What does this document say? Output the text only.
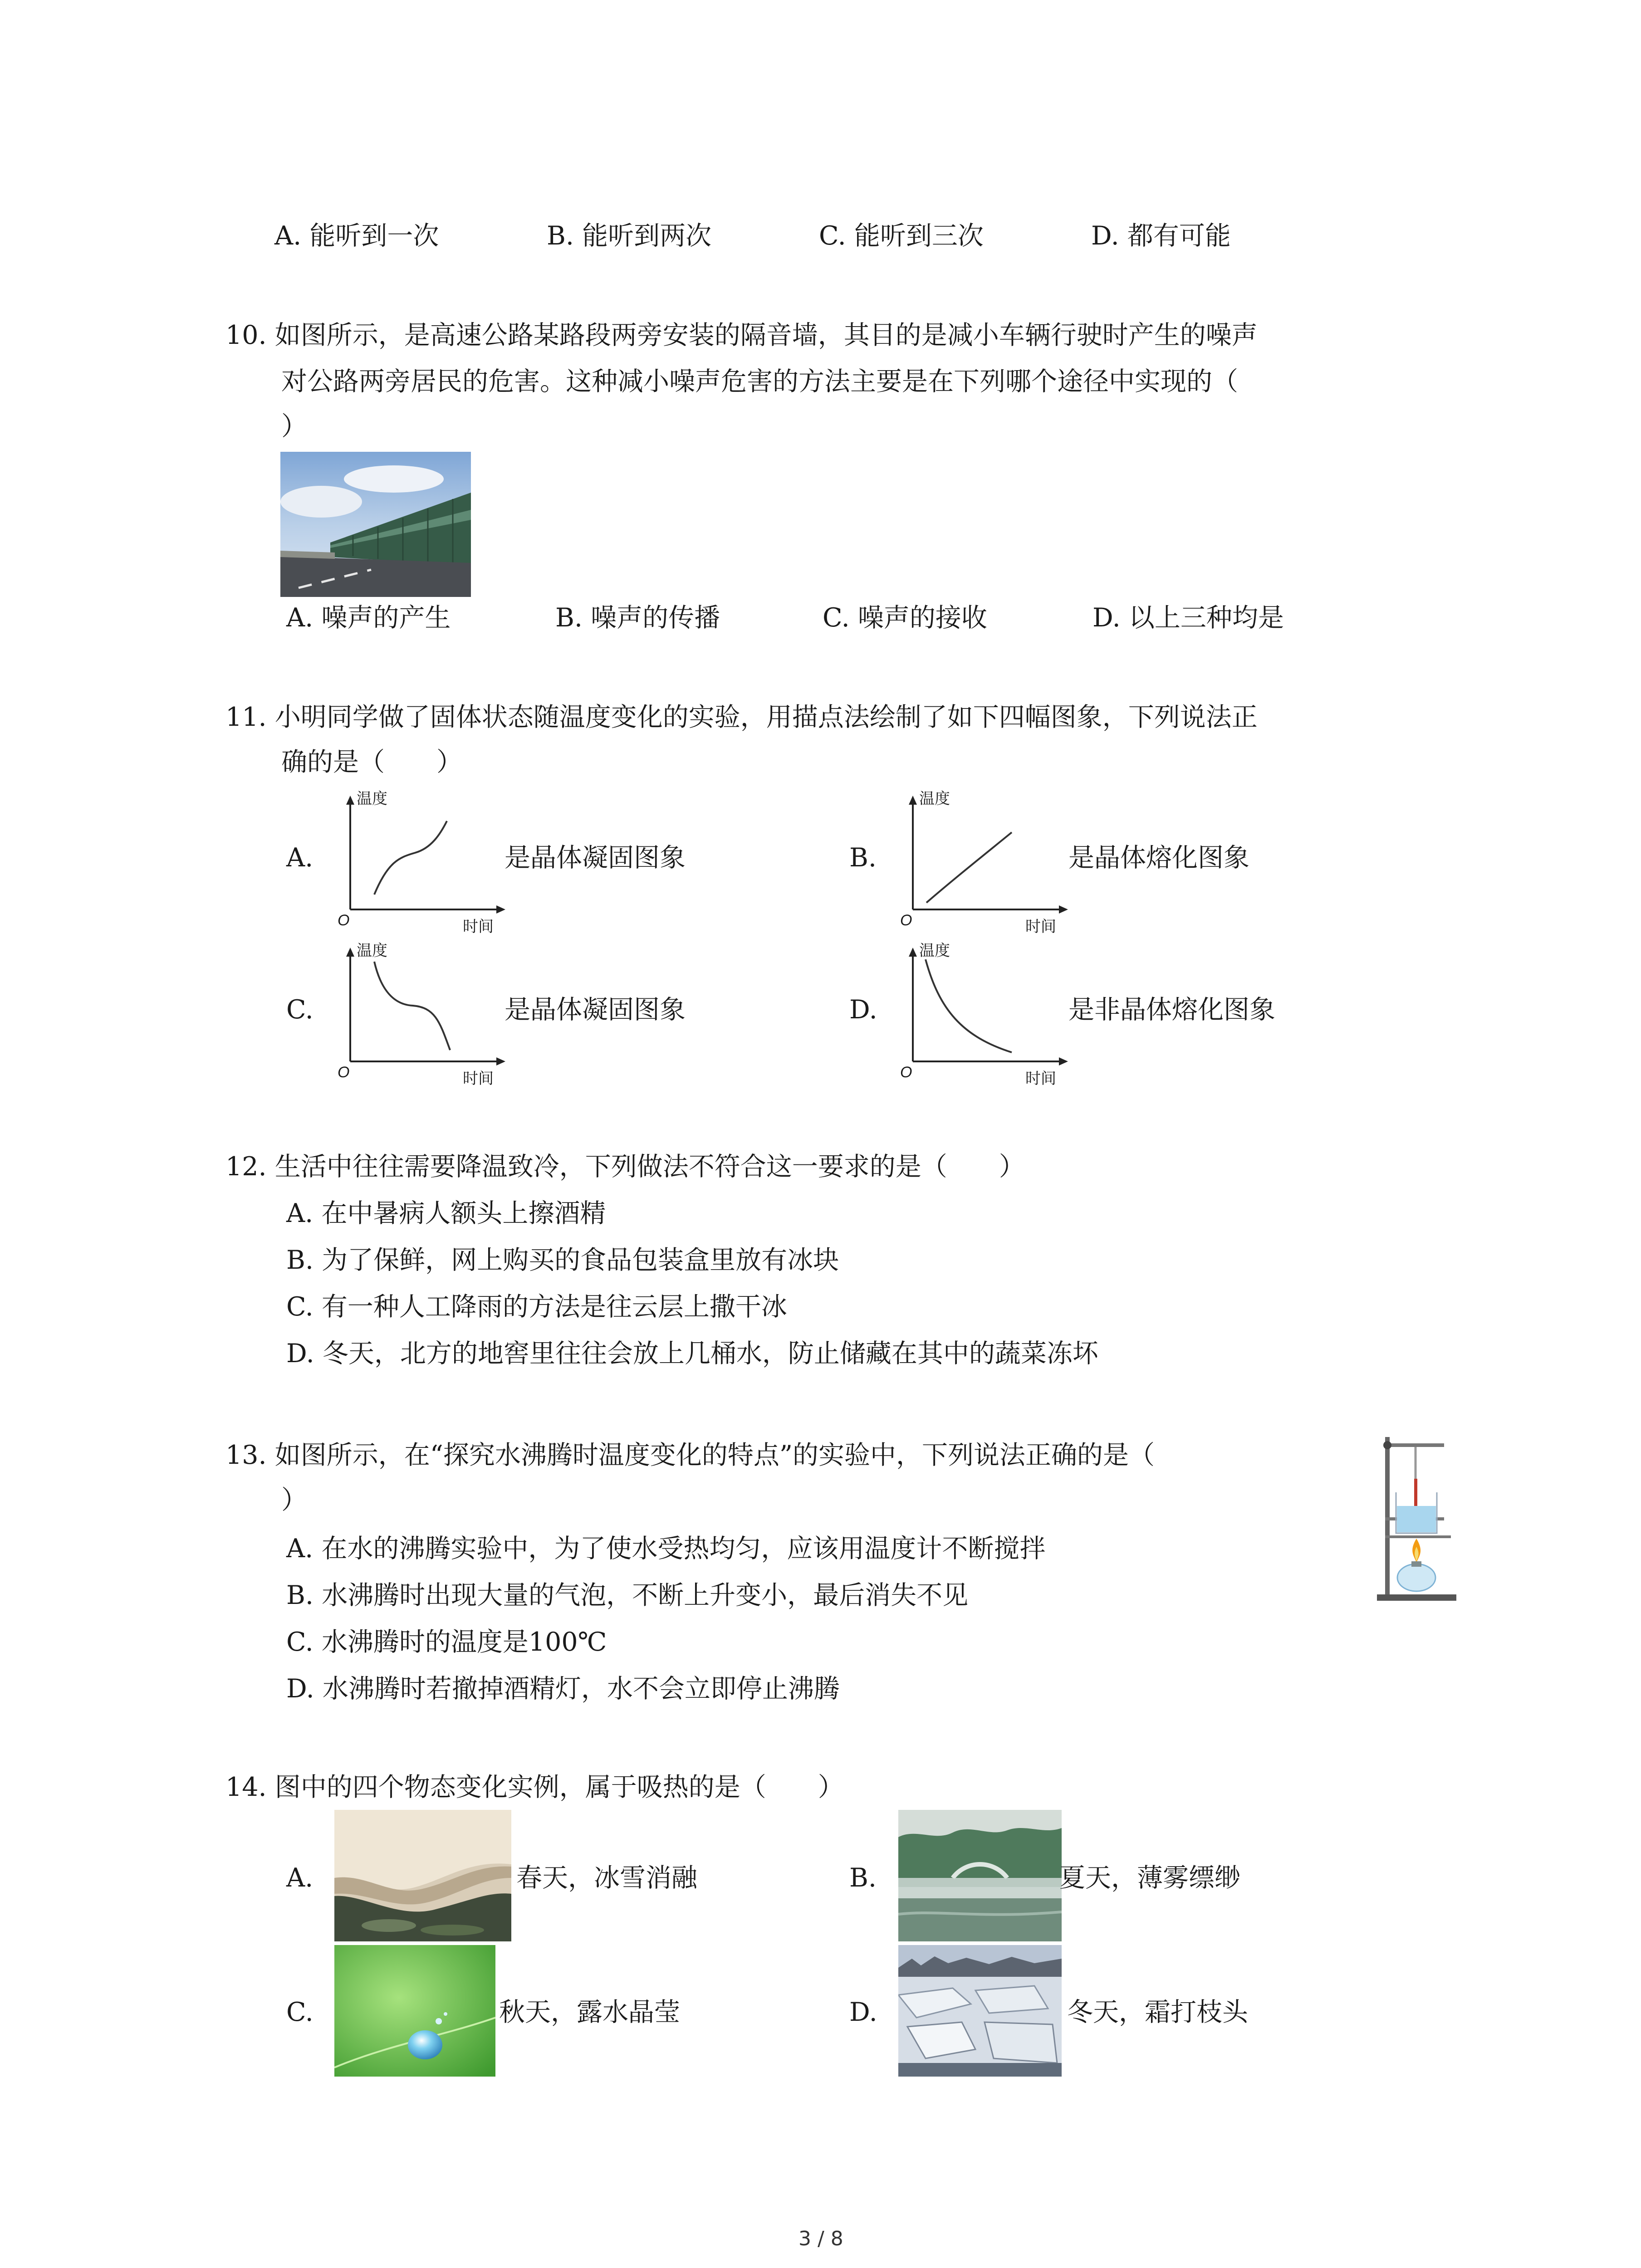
A. 能听到一次	B. 能听到两次	C. 能听到三次	D. 都有可能
10. 如图所示，是高速公路某路段两旁安装的隔音墙，其目的是减小车辆行驶时产生的噪声
对公路两旁居民的危害。这种减小噪声危害的方法主要是在下列哪个途径中实现的（
）
A. 噪声的产生	B. 噪声的传播	C. 噪声的接收	D. 以上三种均是
11. 小明同学做了固体状态随温度变化的实验，用描点法绘制了如下四幅图象，下列说法正
确的是（　　）
A.
温度
时间
O
是晶体凝固图象	B.
温度
时间
O
是晶体熔化图象
C.
温度
时间
O
是晶体凝固图象	D.
温度
时间
O
是非晶体熔化图象
12. 生活中往往需要降温致冷，下列做法不符合这一要求的是（　　）
A. 在中暑病人额头上擦酒精
B. 为了保鲜，网上购买的食品包装盒里放有冰块
C. 有一种人工降雨的方法是往云层上撒干冰
D. 冬天，北方的地窖里往往会放上几桶水，防止储藏在其中的蔬菜冻坏
13. 如图所示，在“探究水沸腾时温度变化的特点”的实验中，下列说法正确的是（
）
A. 在水的沸腾实验中，为了使水受热均匀，应该用温度计不断搅拌
B. 水沸腾时出现大量的气泡，不断上升变小，最后消失不见
C. 水沸腾时的温度是100℃
D. 水沸腾时若撤掉酒精灯，水不会立即停止沸腾
14. 图中的四个物态变化实例，属于吸热的是（　　）
A.	春天，冰雪消融	B.	夏天，薄雾缥缈
C.	秋天，露水晶莹	D.	冬天，霜打枝头
3 / 8
